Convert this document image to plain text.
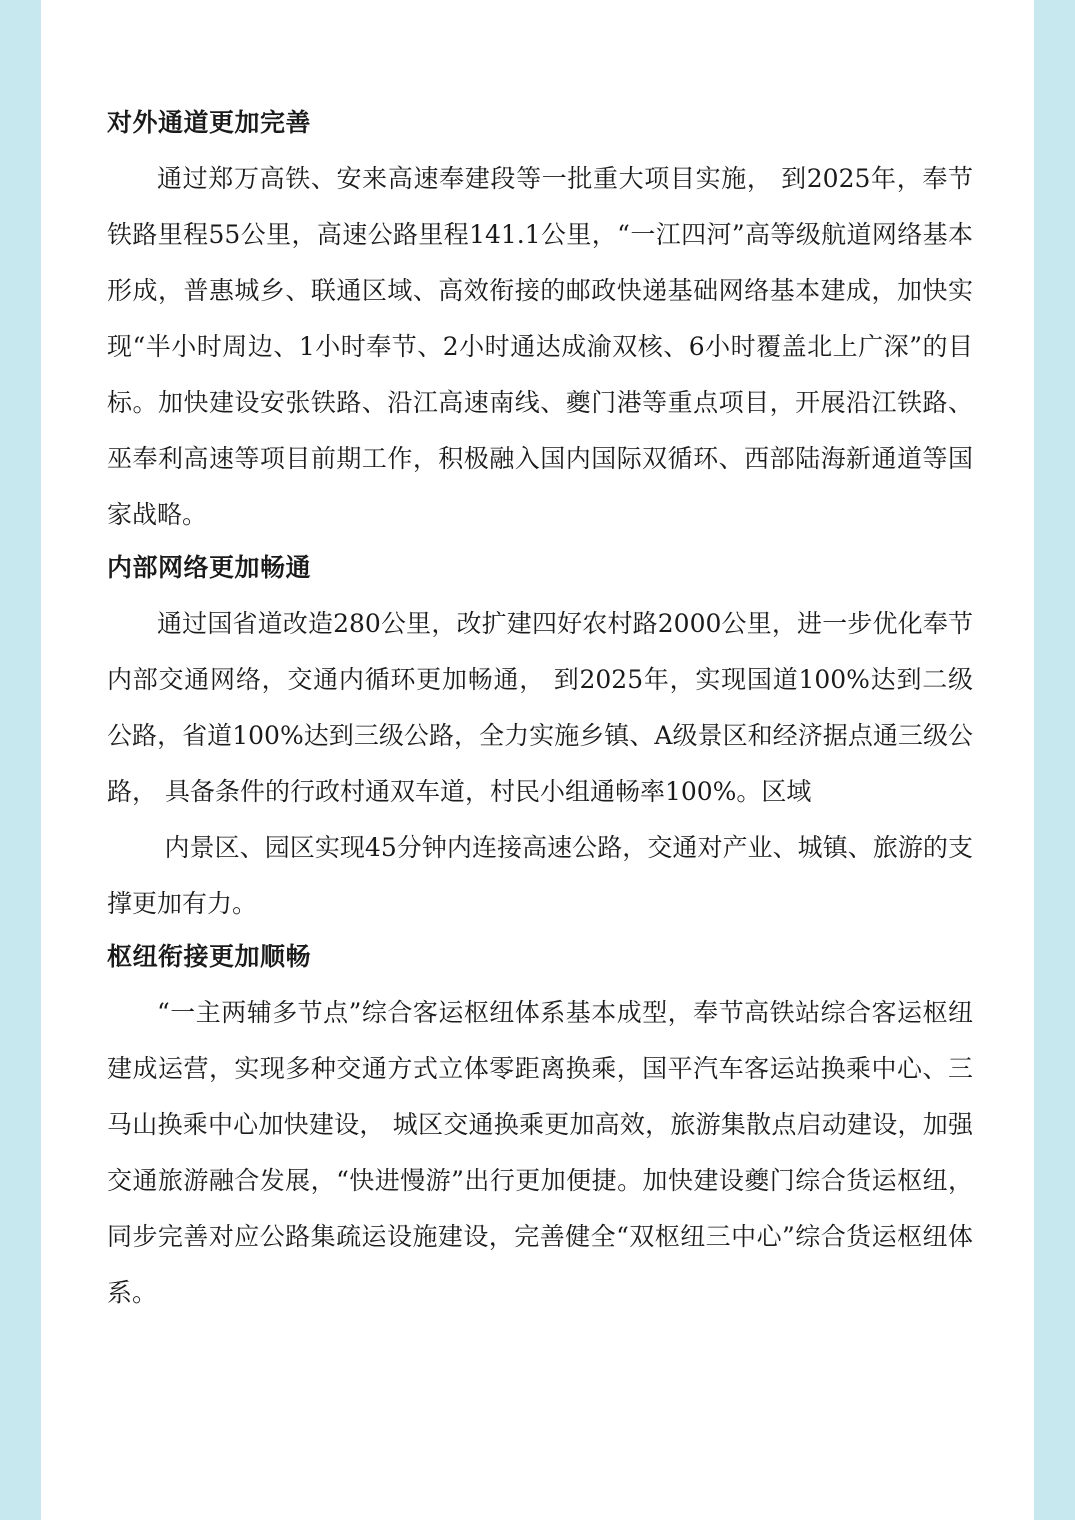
对外通道更加完善

通过郑万高铁、安来高速奉建段等一批重大项目实施， 到2025年，奉节铁路里程55公里，高速公路里程141.1公里，“一江四河”高等级航道网络基本形成，普惠城乡、联通区域、高效衔接的邮政快递基础网络基本建成，加快实现“半小时周边、1小时奉节、2小时通达成渝双核、6小时覆盖北上广深”的目标。加快建设安张铁路、沿江高速南线、夔门港等重点项目，开展沿江铁路、巫奉利高速等项目前期工作，积极融入国内国际双循环、西部陆海新通道等国家战略。

内部网络更加畅通

通过国省道改造280公里，改扩建四好农村路2000公里，进一步优化奉节内部交通网络，交通内循环更加畅通， 到2025年，实现国道100%达到二级公路，省道100%达到三级公路，全力实施乡镇、A级景区和经济据点通三级公路， 具备条件的行政村通双车道，村民小组通畅率100%。区域

内景区、园区实现45分钟内连接高速公路，交通对产业、城镇、旅游的支撑更加有力。

枢纽衔接更加顺畅

“一主两辅多节点”综合客运枢纽体系基本成型，奉节高铁站综合客运枢纽建成运营，实现多种交通方式立体零距离换乘，国平汽车客运站换乘中心、三马山换乘中心加快建设， 城区交通换乘更加高效，旅游集散点启动建设，加强交通旅游融合发展，“快进慢游”出行更加便捷。加快建设夔门综合货运枢纽，同步完善对应公路集疏运设施建设，完善健全“双枢纽三中心”综合货运枢纽体系。
